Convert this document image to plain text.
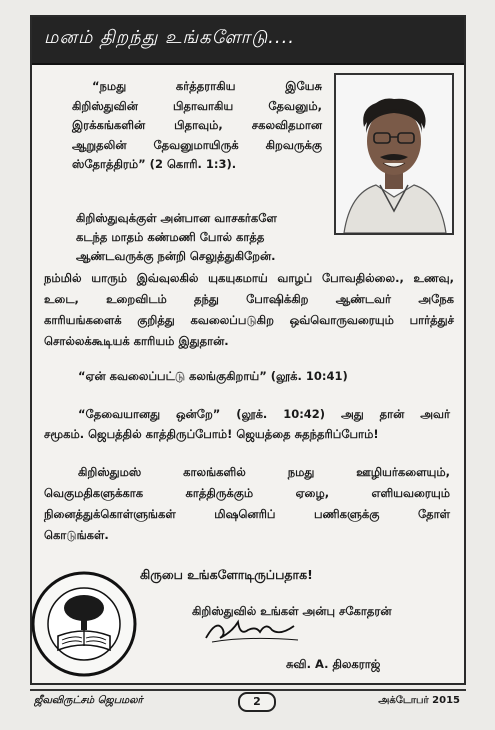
மனம் திறந்து உங்களோடு....
“நமது கர்த்தராகிய இயேசு
கிறிஸ்துவின் பிதாவாகிய தேவனும்,
இரக்கங்களின் பிதாவும், சகலவிதமான
ஆறுதலின் தேவனுமாயிருக் கிறவருக்கு
ஸ்தோத்திரம்” (2 கொரி. 1:3).
கிறிஸ்துவுக்குள் அன்பான வாசகர்களே
கடந்த மாதம் கண்மணி போல் காத்த
ஆண்டவருக்கு நன்றி செலுத்துகிறேன்.
நம்மில் யாரும் இவ்வுலகில் யுகயுகமாய் வாழப் போவதில்லை., உணவு,
உடை, உறைவிடம் தந்து போஷிக்கிற ஆண்டவர் அநேக
காரியங்களைக் குறித்து கவலைப்படுகிற ஒவ்வொருவரையும் பார்த்துச்
சொல்லக்கூடியக் காரியம் இதுதான்.
“ஏன் கவலைப்பட்டு கலங்குகிறாய்” (லூக். 10:41)
“தேவையானது ஒன்றே” (லூக். 10:42) அது தான் அவர்
சமூகம். ஜெபத்தில் காத்திருப்போம்! ஜெயத்தை சுதந்தரிப்போம்!
கிறிஸ்துமஸ் காலங்களில் நமது ஊழியர்களையும்,
வெகுமதிகளுக்காக காத்திருக்கும் ஏழை, எளியவரையும்
நினைத்துக்கொள்ளுங்கள் மிஷனெரிப் பணிகளுக்கு தோள்
கொடுங்கள்.
கிருபை உங்களோடிருப்பதாக!
கிறிஸ்துவில் உங்கள் அன்பு சகோதரன்
சுவி. A. திலகராஜ்
ஜீவவிருட்சம் ஜெபமலர்	2	அக்டோபர் 2015
